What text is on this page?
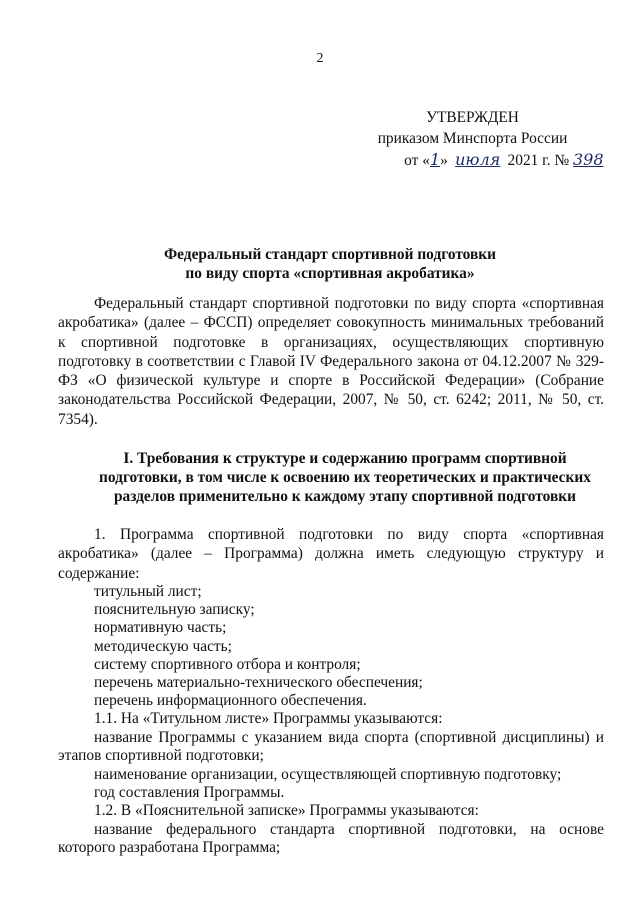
2
УТВЕРЖДЕН
приказом Минспорта России
от «1» июля 2021 г. № 398
Федеральный стандарт спортивной подготовки
по виду спорта «спортивная акробатика»

Федеральный стандарт спортивной подготовки по виду спорта «спортивная акробатика» (далее – ФССП) определяет совокупность минимальных требований к спортивной подготовке в организациях, осуществляющих спортивную подготовку в соответствии с Главой IV Федерального закона от 04.12.2007 № 329-ФЗ «О физической культуре и спорте в Российской Федерации» (Собрание законодательства Российской Федерации, 2007, № 50, ст. 6242; 2011, № 50, ст. 7354).

I. Требования к структуре и содержанию программ спортивной подготовки, в том числе к освоению их теоретических и практических разделов применительно к каждому этапу спортивной подготовки

1. Программа спортивной подготовки по виду спорта «спортивная акробатика» (далее – Программа) должна иметь следующую структуру и содержание:

титульный лист;

пояснительную записку;

нормативную часть;

методическую часть;

систему спортивного отбора и контроля;

перечень материально-технического обеспечения;

перечень информационного обеспечения.

1.1. На «Титульном листе» Программы указываются:

название Программы с указанием вида спорта (спортивной дисциплины) и этапов спортивной подготовки;

наименование организации, осуществляющей спортивную подготовку;

год составления Программы.

1.2. В «Пояснительной записке» Программы указываются:

название федерального стандарта спортивной подготовки, на основе которого разработана Программа;
